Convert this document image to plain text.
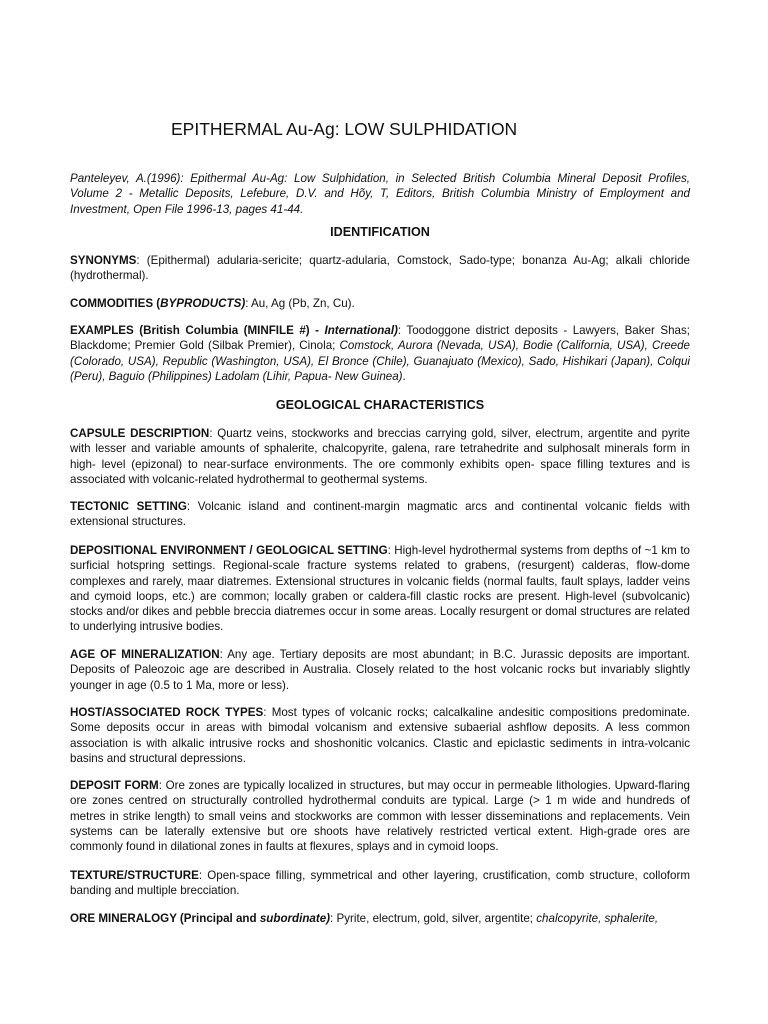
EPITHERMAL Au-Ag: LOW SULPHIDATION

Panteleyev, A.(1996): Epithermal Au-Ag: Low Sulphidation, in Selected British Columbia Mineral Deposit Profiles, Volume 2 - Metallic Deposits, Lefebure, D.V. and Hõy, T, Editors, British Columbia Ministry of Employment and Investment, Open File 1996-13, pages 41-44.

IDENTIFICATION

SYNONYMS: (Epithermal) adularia-sericite; quartz-adularia, Comstock, Sado-type; bonanza Au-Ag; alkali chloride (hydrothermal).

COMMODITIES (BYPRODUCTS): Au, Ag (Pb, Zn, Cu).

EXAMPLES (British Columbia (MINFILE #) - International): Toodoggone district deposits - Lawyers, Baker Shas; Blackdome; Premier Gold (Silbak Premier), Cinola; Comstock, Aurora (Nevada, USA), Bodie (California, USA), Creede (Colorado, USA), Republic (Washington, USA), El Bronce (Chile), Guanajuato (Mexico), Sado, Hishikari (Japan), Colqui (Peru), Baguio (Philippines) Ladolam (Lihir, Papua- New Guinea).

GEOLOGICAL CHARACTERISTICS

CAPSULE DESCRIPTION: Quartz veins, stockworks and breccias carrying gold, silver, electrum, argentite and pyrite with lesser and variable amounts of sphalerite, chalcopyrite, galena, rare tetrahedrite and sulphosalt minerals form in high- level (epizonal) to near-surface environments. The ore commonly exhibits open- space filling textures and is associated with volcanic-related hydrothermal to geothermal systems.

TECTONIC SETTING: Volcanic island and continent-margin magmatic arcs and continental volcanic fields with extensional structures.

DEPOSITIONAL ENVIRONMENT / GEOLOGICAL SETTING: High-level hydrothermal systems from depths of ~1 km to surficial hotspring settings. Regional-scale fracture systems related to grabens, (resurgent) calderas, flow-dome complexes and rarely, maar diatremes. Extensional structures in volcanic fields (normal faults, fault splays, ladder veins and cymoid loops, etc.) are common; locally graben or caldera-fill clastic rocks are present. High-level (subvolcanic) stocks and/or dikes and pebble breccia diatremes occur in some areas. Locally resurgent or domal structures are related to underlying intrusive bodies.

AGE OF MINERALIZATION: Any age. Tertiary deposits are most abundant; in B.C. Jurassic deposits are important. Deposits of Paleozoic age are described in Australia. Closely related to the host volcanic rocks but invariably slightly younger in age (0.5 to 1 Ma, more or less).

HOST/ASSOCIATED ROCK TYPES: Most types of volcanic rocks; calcalkaline andesitic compositions predominate. Some deposits occur in areas with bimodal volcanism and extensive subaerial ashflow deposits. A less common association is with alkalic intrusive rocks and shoshonitic volcanics. Clastic and epiclastic sediments in intra-volcanic basins and structural depressions.

DEPOSIT FORM: Ore zones are typically localized in structures, but may occur in permeable lithologies. Upward-flaring ore zones centred on structurally controlled hydrothermal conduits are typical. Large (> 1 m wide and hundreds of metres in strike length) to small veins and stockworks are common with lesser disseminations and replacements. Vein systems can be laterally extensive but ore shoots have relatively restricted vertical extent. High-grade ores are commonly found in dilational zones in faults at flexures, splays and in cymoid loops.

TEXTURE/STRUCTURE: Open-space filling, symmetrical and other layering, crustification, comb structure, colloform banding and multiple brecciation.

ORE MINERALOGY (Principal and subordinate): Pyrite, electrum, gold, silver, argentite; chalcopyrite, sphalerite,
